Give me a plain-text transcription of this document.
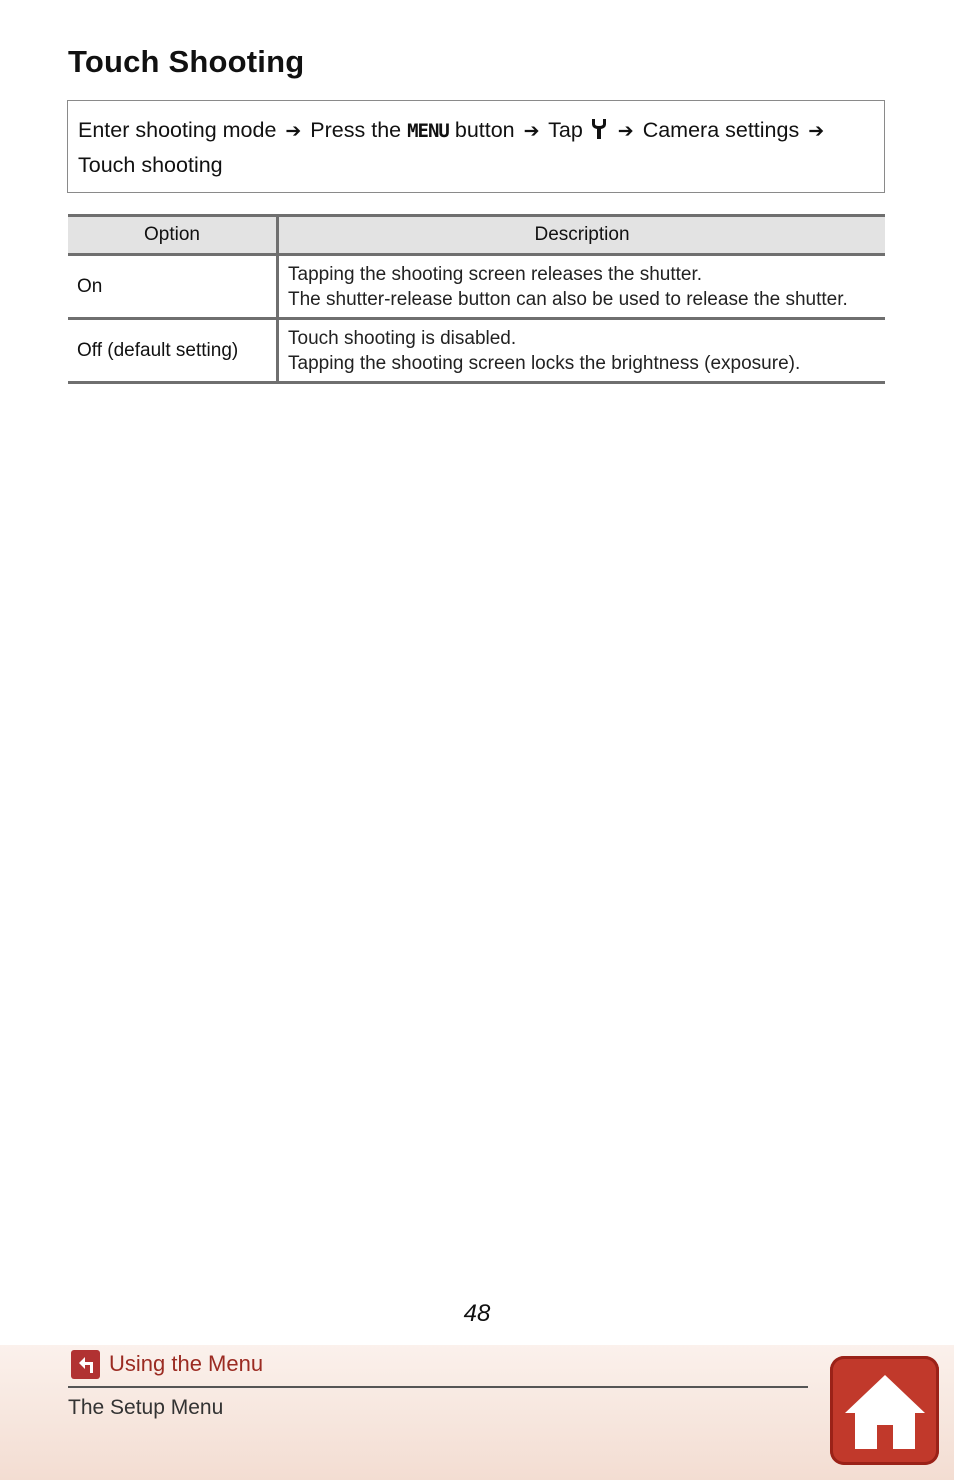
Touch Shooting
Enter shooting mode ➔ Press the MENU button ➔ Tap ➔ Camera settings ➔
Touch shooting
Option	Description
On	Tapping the shooting screen releases the shutter.
The shutter-release button can also be used to release the shutter.

Off (default setting)	Touch shooting is disabled.
Tapping the shooting screen locks the brightness (exposure).
48
Using the Menu
The Setup Menu
